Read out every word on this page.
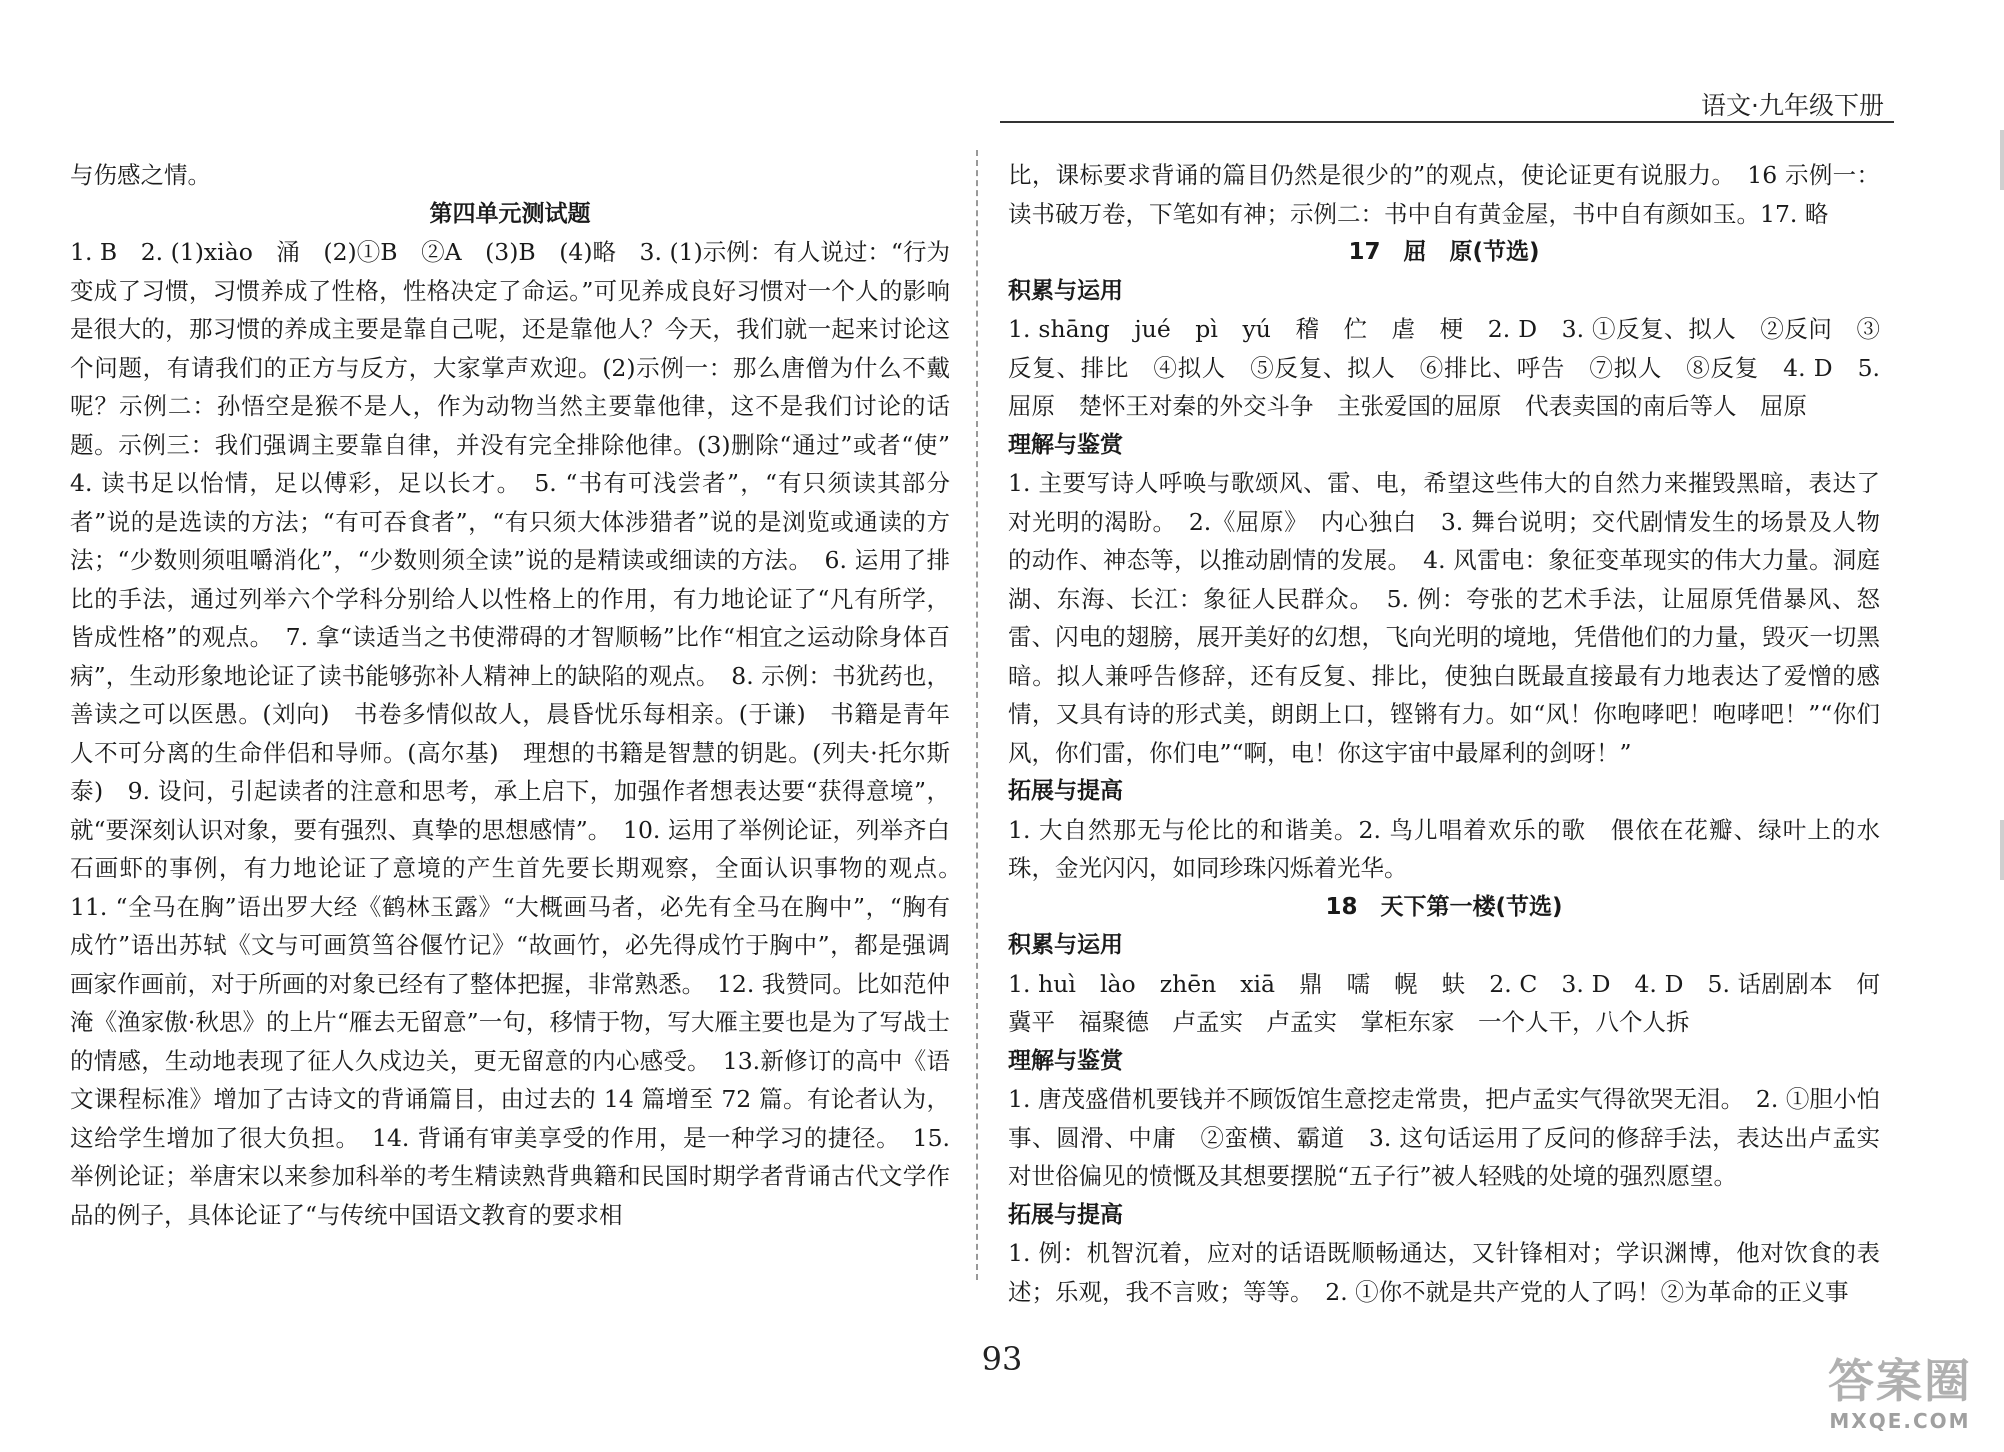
语文·九年级下册

与伤感之情。

第四单元测试题

1. B　2. (1)xiào　涌　(2)①B　②A　(3)B　(4)略　3. (1)示例：有人说过：“行为变成了习惯，习惯养成了性格，性格决定了命运。”可见养成良好习惯对一个人的影响是很大的，那习惯的养成主要是靠自己呢，还是靠他人？今天，我们就一起来讨论这个问题，有请我们的正方与反方，大家掌声欢迎。(2)示例一：那么唐僧为什么不戴呢？示例二：孙悟空是猴不是人，作为动物当然主要靠他律，这不是我们讨论的话题。示例三：我们强调主要靠自律，并没有完全排除他律。(3)删除“通过”或者“使”　4. 读书足以怡情，足以傅彩，足以长才。　5. “书有可浅尝者”，“有只须读其部分者”说的是选读的方法；“有可吞食者”，“有只须大体涉猎者”说的是浏览或通读的方法；“少数则须咀嚼消化”，“少数则须全读”说的是精读或细读的方法。　6. 运用了排比的手法，通过列举六个学科分别给人以性格上的作用，有力地论证了“凡有所学，皆成性格”的观点。　7. 拿“读适当之书使滞碍的才智顺畅”比作“相宜之运动除身体百病”，生动形象地论证了读书能够弥补人精神上的缺陷的观点。　8. 示例：书犹药也，善读之可以医愚。(刘向)　书卷多情似故人，晨昏忧乐每相亲。(于谦)　书籍是青年人不可分离的生命伴侣和导师。(高尔基)　理想的书籍是智慧的钥匙。(列夫·托尔斯泰)　9. 设问，引起读者的注意和思考，承上启下，加强作者想表达要“获得意境”，就“要深刻认识对象，要有强烈、真挚的思想感情”。　10. 运用了举例论证，列举齐白石画虾的事例，有力地论证了意境的产生首先要长期观察，全面认识事物的观点。　11. “全马在胸”语出罗大经《鹤林玉露》“大概画马者，必先有全马在胸中”，“胸有成竹”语出苏轼《文与可画筼筜谷偃竹记》“故画竹，必先得成竹于胸中”，都是强调画家作画前，对于所画的对象已经有了整体把握，非常熟悉。　12. 我赞同。比如范仲淹《渔家傲·秋思》的上片“雁去无留意”一句，移情于物，写大雁主要也是为了写战士的情感，生动地表现了征人久戍边关，更无留意的内心感受。　13.新修订的高中《语文课程标准》增加了古诗文的背诵篇目，由过去的 14 篇增至 72 篇。有论者认为，这给学生增加了很大负担。　14. 背诵有审美享受的作用，是一种学习的捷径。　15.举例论证；举唐宋以来参加科举的考生精读熟背典籍和民国时期学者背诵古代文学作品的例子，具体论证了“与传统中国语文教育的要求相

比，课标要求背诵的篇目仍然是很少的”的观点，使论证更有说服力。　16 示例一：读书破万卷，下笔如有神；示例二：书中自有黄金屋，书中自有颜如玉。17. 略

17　屈　原(节选)

积累与运用

1. shāng　jué　pì　yú　稽　伫　虐　梗　2. D　3. ①反复、拟人　②反问　③反复、排比　④拟人　⑤反复、拟人　⑥排比、呼告　⑦拟人　⑧反复　4. D　5. 屈原　楚怀王对秦的外交斗争　主张爱国的屈原　代表卖国的南后等人　屈原

理解与鉴赏

1. 主要写诗人呼唤与歌颂风、雷、电，希望这些伟大的自然力来摧毁黑暗，表达了对光明的渴盼。　2.《屈原》　内心独白　3. 舞台说明；交代剧情发生的场景及人物的动作、神态等，以推动剧情的发展。　4. 风雷电：象征变革现实的伟大力量。洞庭湖、东海、长江：象征人民群众。　5. 例：夸张的艺术手法，让屈原凭借暴风、怒雷、闪电的翅膀，展开美好的幻想，飞向光明的境地，凭借他们的力量，毁灭一切黑暗。拟人兼呼告修辞，还有反复、排比，使独白既最直接最有力地表达了爱憎的感情，又具有诗的形式美，朗朗上口，铿锵有力。如“风！你咆哮吧！咆哮吧！”“你们风，你们雷，你们电”“啊，电！你这宇宙中最犀利的剑呀！”

拓展与提高

1. 大自然那无与伦比的和谐美。2. 鸟儿唱着欢乐的歌　偎依在花瓣、绿叶上的水珠，金光闪闪，如同珍珠闪烁着光华。

18　天下第一楼(节选)

积累与运用

1. huì　lào　zhēn　xiā　鼎　嚅　幌　蚨　2. C　3. D　4. D　5. 话剧剧本　何冀平　福聚德　卢孟实　卢孟实　掌柜东家　一个人干，八个人拆

理解与鉴赏

1. 唐茂盛借机要钱并不顾饭馆生意挖走常贵，把卢孟实气得欲哭无泪。　2. ①胆小怕事、圆滑、中庸　②蛮横、霸道　3. 这句话运用了反问的修辞手法，表达出卢孟实对世俗偏见的愤慨及其想要摆脱“五子行”被人轻贱的处境的强烈愿望。

拓展与提高

1. 例：机智沉着，应对的话语既顺畅通达，又针锋相对；学识渊博，他对饮食的表述；乐观，我不言败；等等。　2. ①你不就是共产党的人了吗！②为革命的正义事

93	答案圈
MXQE.COM
